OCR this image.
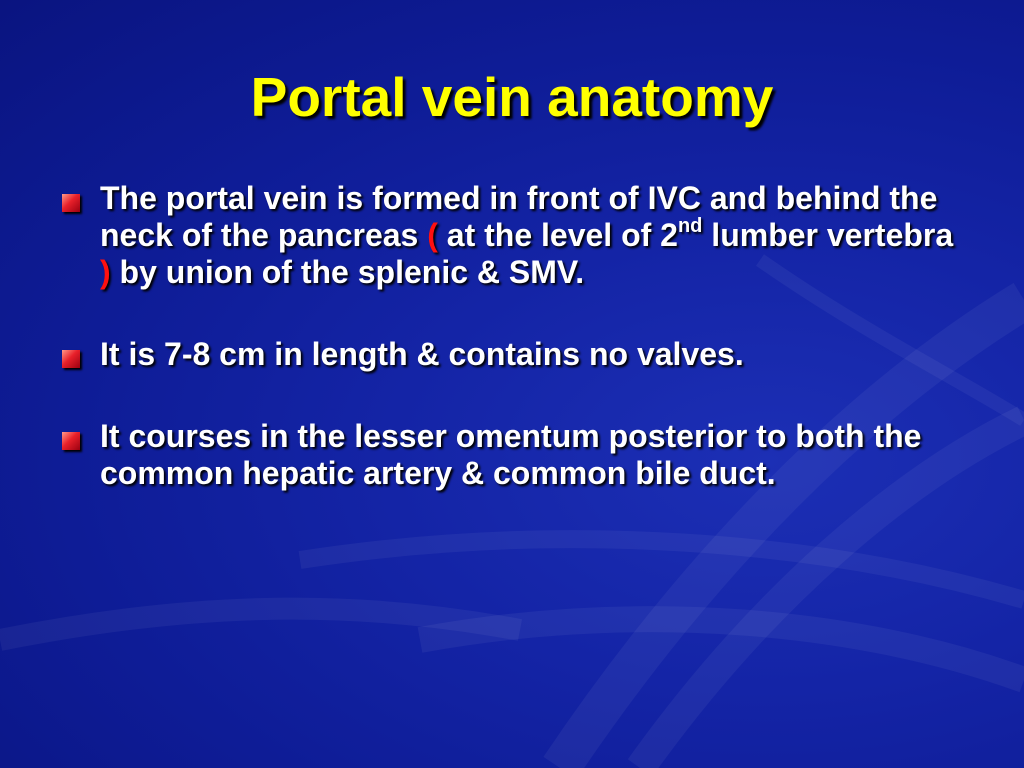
Portal vein anatomy
The portal vein is formed in front of IVC and behind the neck of the pancreas ( at the level of 2nd lumber vertebra ) by union of the splenic & SMV.
It is 7-8 cm in length & contains no valves.
It courses in the lesser omentum posterior to both the common hepatic artery & common bile duct.
